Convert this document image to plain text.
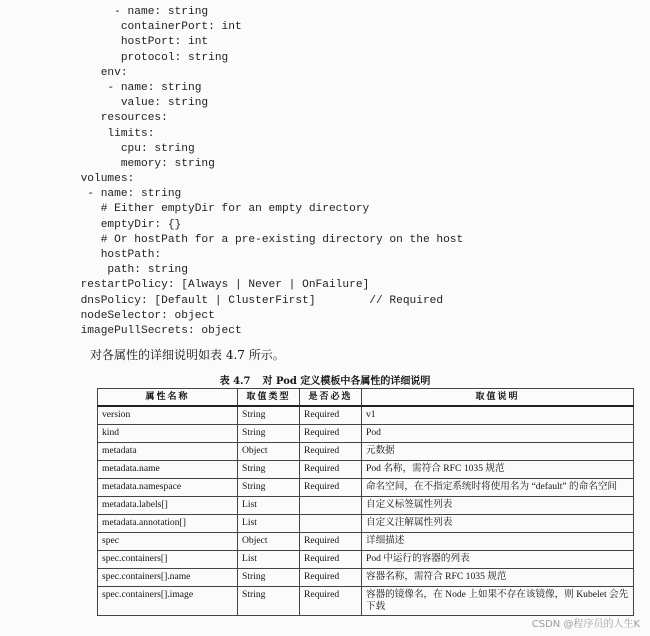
- name: string
containerPort: int
hostPort: int
protocol: string
env:
- name: string
value: string
resources:
limits:
cpu: string
memory: string
volumes:
- name: string
# Either emptyDir for an empty directory
emptyDir: {}
# Or hostPath for a pre-existing directory on the host
hostPath:
path: string
restartPolicy: [Always | Never | OnFailure]
dnsPolicy: [Default | ClusterFirst]        // Required
nodeSelector: object
imagePullSecrets: object
对各属性的详细说明如表 4.7 所示。
表 4.7 对 Pod 定义模板中各属性的详细说明
属性名称	取值类型	是否必选	取值说明
version	String	Required	v1
kind	String	Required	Pod
metadata	Object	Required	元数据
metadata.name	String	Required	Pod 名称，需符合 RFC 1035 规范
metadata.namespace	String	Required	命名空间，在不指定系统时将使用名为 “default” 的命名空间
metadata.labels[]	List		自定义标签属性列表
metadata.annotation[]	List		自定义注解属性列表
spec	Object	Required	详细描述
spec.containers[]	List	Required	Pod 中运行的容器的列表
spec.containers[].name	String	Required	容器名称，需符合 RFC 1035 规范
spec.containers[].image	String	Required	容器的镜像名，在 Node 上如果不存在该镜像，则 Kubelet 会先下载
CSDN @程序员的人生K
